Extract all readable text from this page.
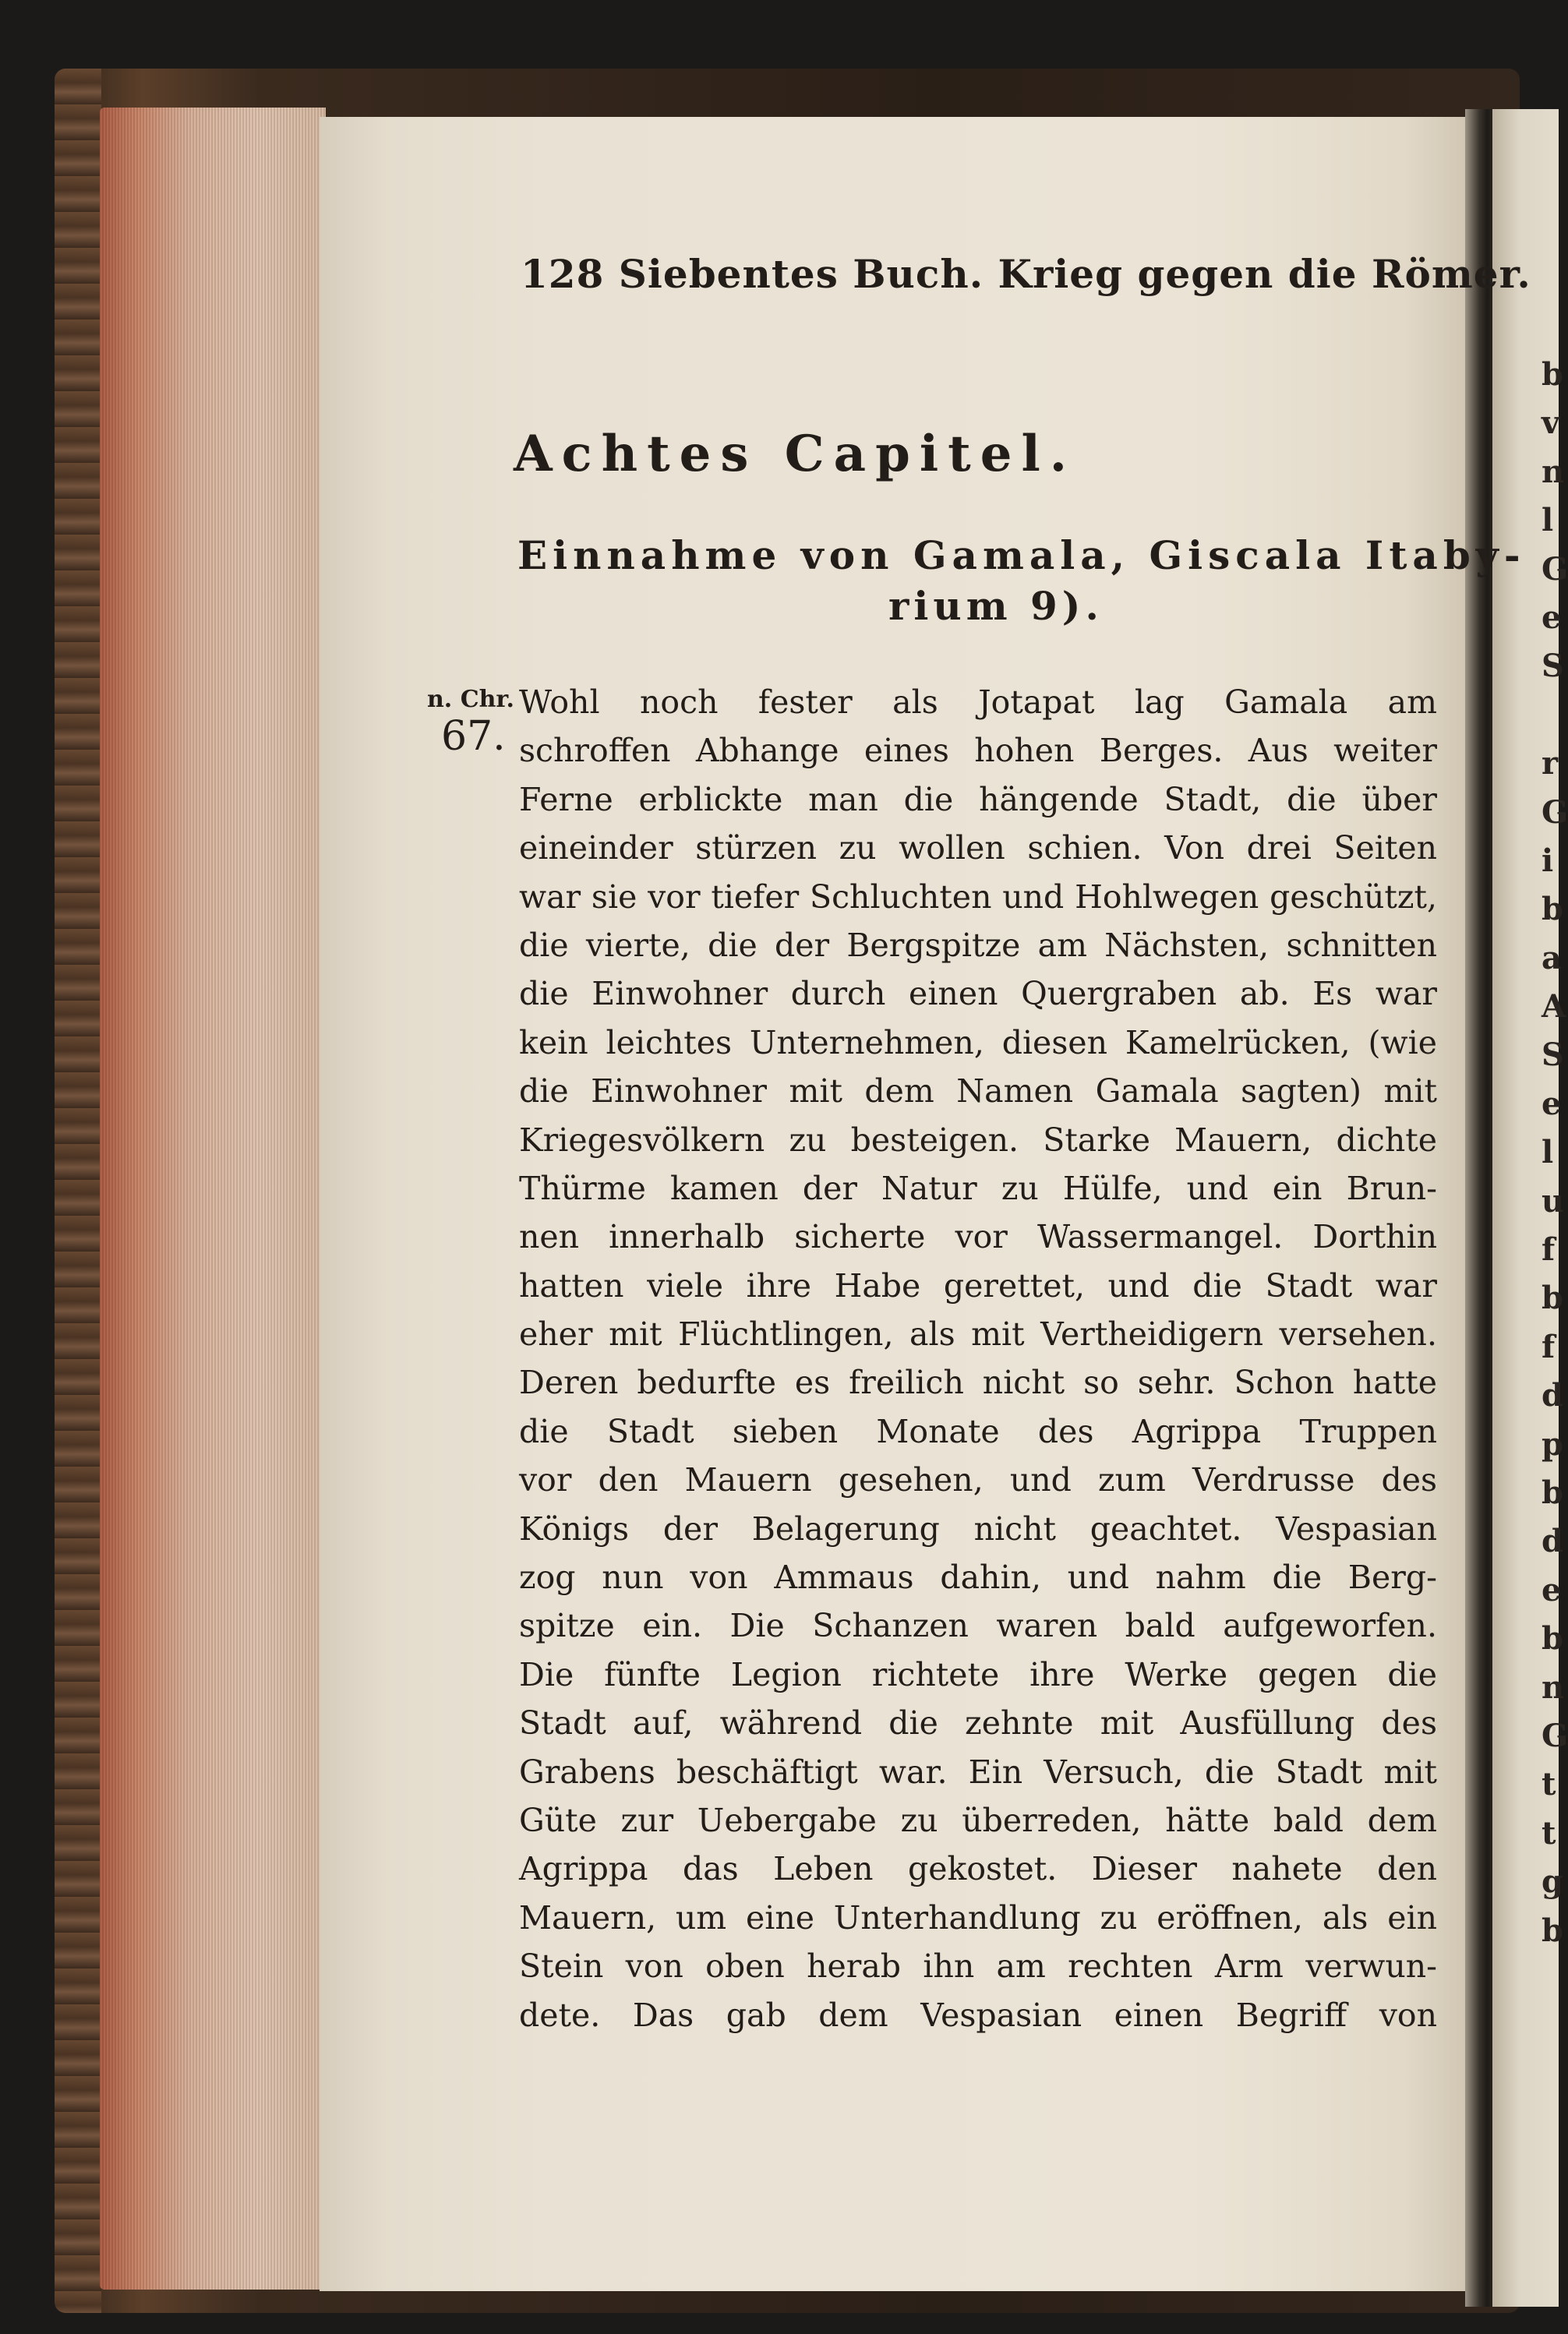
b
v
n
l
G
e
S
r
G
i
b
a
A
S
e
l
u
f
b
f
d
p
b
d
e
b
n
G
t
t
g
b
128 Siebentes Buch. Krieg gegen die Römer.
Achtes Capitel.
Einnahme von Gamala, Giscala Itaby-
rium 9).
n. Chr.
67.
Wohl noch fester als Jotapat lag Gamala am
schroffen Abhange eines hohen Berges. Aus weiter
Ferne erblickte man die hängende Stadt, die über
eineinder stürzen zu wollen schien. Von drei Seiten
war sie vor tiefer Schluchten und Hohlwegen geschützt,
die vierte, die der Bergspitze am Nächsten, schnitten
die Einwohner durch einen Quergraben ab. Es war
kein leichtes Unternehmen, diesen Kamelrücken, (wie
die Einwohner mit dem Namen Gamala sagten) mit
Kriegesvölkern zu besteigen. Starke Mauern, dichte
Thürme kamen der Natur zu Hülfe, und ein Brun-
nen innerhalb sicherte vor Wassermangel. Dorthin
hatten viele ihre Habe gerettet, und die Stadt war
eher mit Flüchtlingen, als mit Vertheidigern versehen.
Deren bedurfte es freilich nicht so sehr. Schon hatte
die Stadt sieben Monate des Agrippa Truppen
vor den Mauern gesehen, und zum Verdrusse des
Königs der Belagerung nicht geachtet. Vespasian
zog nun von Ammaus dahin, und nahm die Berg-
spitze ein. Die Schanzen waren bald aufgeworfen.
Die fünfte Legion richtete ihre Werke gegen die
Stadt auf, während die zehnte mit Ausfüllung des
Grabens beschäftigt war. Ein Versuch, die Stadt mit
Güte zur Uebergabe zu überreden, hätte bald dem
Agrippa das Leben gekostet. Dieser nahete den
Mauern, um eine Unterhandlung zu eröffnen, als ein
Stein von oben herab ihn am rechten Arm verwun-
dete. Das gab dem Vespasian einen Begriff von
